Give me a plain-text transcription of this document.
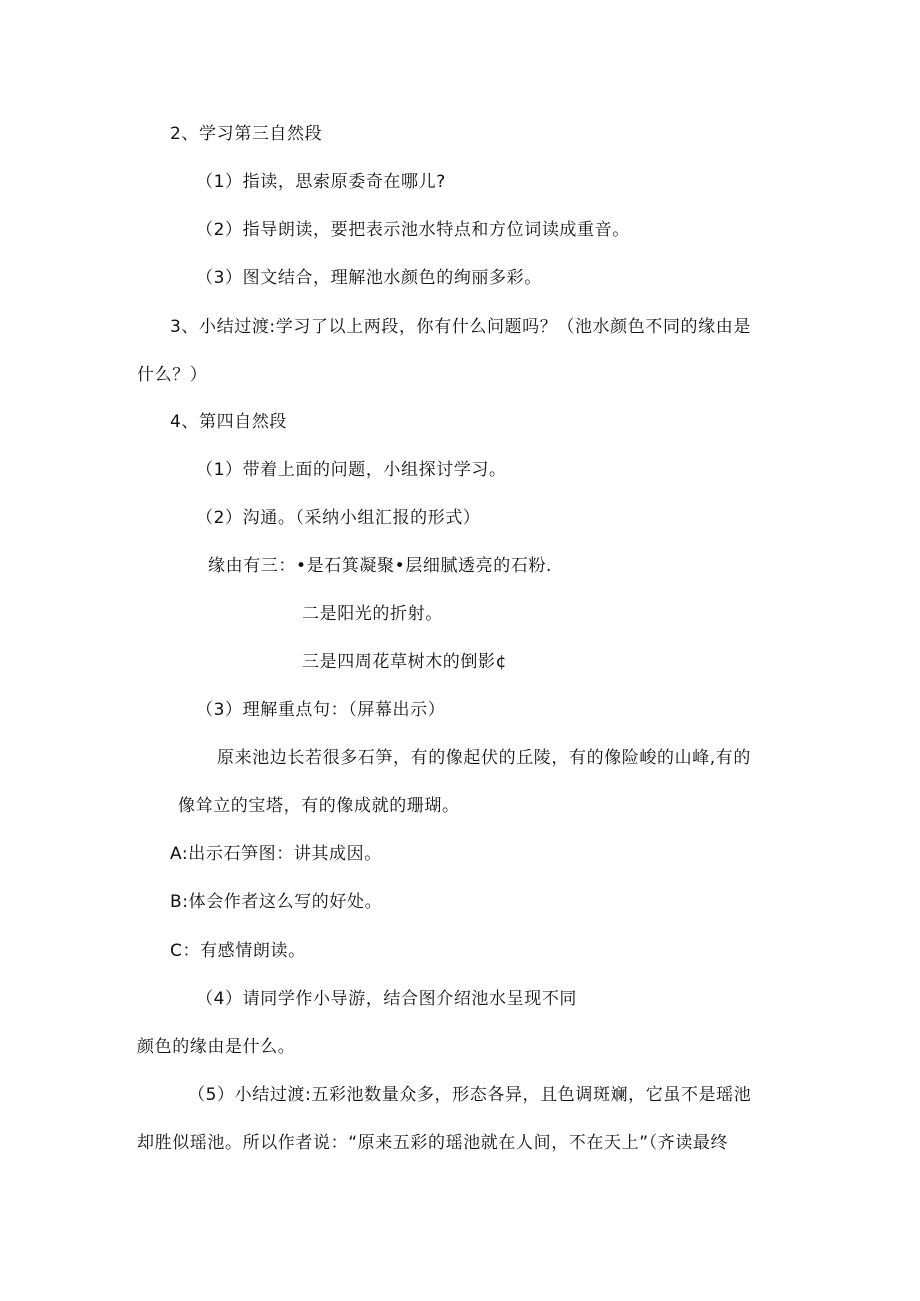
2、学习第三自然段
（1）指读，思索原委奇在哪儿?
（2）指导朗读，要把表示池水特点和方位词读成重音。
（3）图文结合，理解池水颜色的绚丽多彩。
3、小结过渡:学习了以上两段，你有什么问题吗？（池水颜色不同的缘由是
什么？）
4、第四自然段
（1）带着上面的问题，小组探讨学习。
（2）沟通。（采纳小组汇报的形式）
缘由有三：•是石箕凝聚•层细腻透亮的石粉.
二是阳光的折射。
三是四周花草树木的倒影¢
（3）理解重点句：（屏幕出示）
原来池边长若很多石笋，有的像起伏的丘陵，有的像险峻的山峰,有的
像耸立的宝塔，有的像成就的珊瑚。
A:出示石笋图：讲其成因。
B:体会作者这么写的好处。
C：有感情朗读。
（4）请同学作小导游，结合图介绍池水呈现不同
颜色的缘由是什么。
（5）小结过渡:五彩池数量众多，形态各异，且色调斑斓，它虽不是瑶池
却胜似瑶池。所以作者说：“原来五彩的瑶池就在人间，不在天上”（齐读最终
